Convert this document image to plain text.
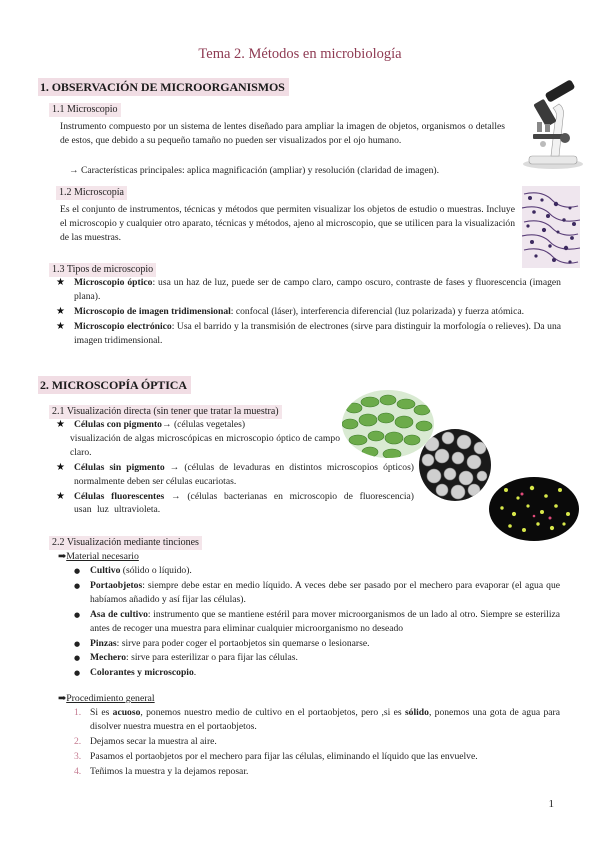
Tema 2. Métodos en microbiología
1. OBSERVACIÓN DE MICROORGANISMOS
1.1 Microscopio

Instrumento compuesto por un sistema de lentes diseñado para ampliar la imagen de objetos, organismos o detalles de estos, que debido a su pequeño tamaño no pueden ser visualizados por el ojo humano.

→ Características principales: aplica magnificación (ampliar) y resolución (claridad de imagen).
1.2 Microscopía
Es el conjunto de instrumentos, técnicas y métodos que permiten visualizar los objetos de estudio o muestras. Incluye el microscopio y cualquier otro aparato, técnicas y métodos, ajeno al microscopio, que se utilicen para la visualización de las muestras.
1.3 Tipos de microscopio
★ Microscopio óptico: usa un haz de luz, puede ser de campo claro, campo oscuro, contraste de fases y fluorescencia (imagen plana).
★ Microscopio de imagen tridimensional: confocal (láser), interferencia diferencial (luz polarizada) y fuerza atómica.
★ Microscopio electrónico: Usa el barrido y la transmisión de electrones (sirve para distinguir la morfología o relieves). Da una imagen tridimensional.
2. MICROSCOPÍA ÓPTICA
2.1 Visualización directa (sin tener que tratar la muestra)
★ Células con pigmento→ (células vegetales)
visualización de algas microscópicas en microscopio óptico de campo claro.
★ Células sin pigmento → (células de levaduras en distintos microscopios ópticos) normalmente deben ser células eucariotas.
★ Células fluorescentes → (células bacterianas en microscopio de fluorescencia) usan luz ultravioleta.
2.2 Visualización mediante tinciones
➡Material necesario
● Cultivo (sólido o líquido).
● Portaobjetos: siempre debe estar en medio líquido. A veces debe ser pasado por el mechero para evaporar (el agua que habíamos añadido y así fijar las células).
● Asa de cultivo: instrumento que se mantiene estéril para mover microorganismos de un lado al otro. Siempre se esteriliza antes de recoger una muestra para eliminar cualquier microorganismo no deseado
● Pinzas: sirve para poder coger el portaobjetos sin quemarse o lesionarse.
● Mechero: sirve para esterilizar o para fijar las células.
● Colorantes y microscopio.
➡Procedimiento general
1. Si es acuoso, ponemos nuestro medio de cultivo en el portaobjetos, pero ,si es sólido, ponemos una gota de agua para disolver nuestra muestra en el portaobjetos.
2. Dejamos secar la muestra al aire.
3. Pasamos el portaobjetos por el mechero para fijar las células, eliminando el líquido que las envuelve.
4. Teñimos la muestra y la dejamos reposar.
1
